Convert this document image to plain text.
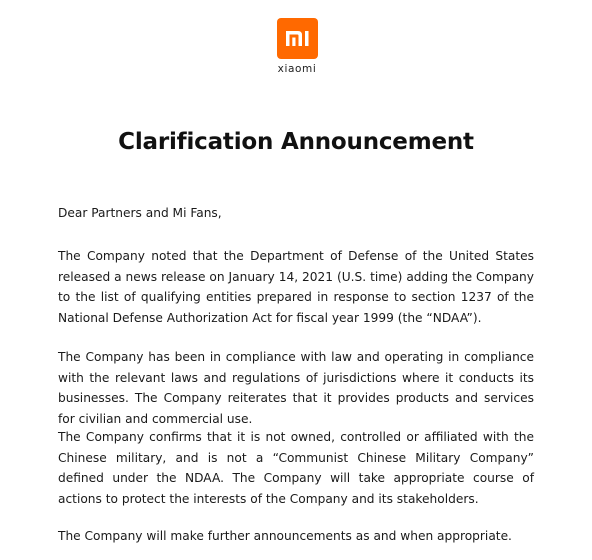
xiaomi
Clarification Announcement

Dear Partners and Mi Fans,

The Company noted that the Department of Defense of the United States released a news release on January 14, 2021 (U.S. time) adding the Company to the list of qualifying entities prepared in response to section 1237 of the National Defense Authorization Act for fiscal year 1999 (the “NDAA”).

The Company has been in compliance with law and operating in compliance with the relevant laws and regulations of jurisdictions where it conducts its businesses. The Company reiterates that it provides products and services for civilian and commercial use.

The Company confirms that it is not owned, controlled or affiliated with the Chinese military, and is not a “Communist Chinese Military Company” defined under the NDAA. The Company will take appropriate course of actions to protect the interests of the Company and its stakeholders.

The Company will make further announcements as and when appropriate.
